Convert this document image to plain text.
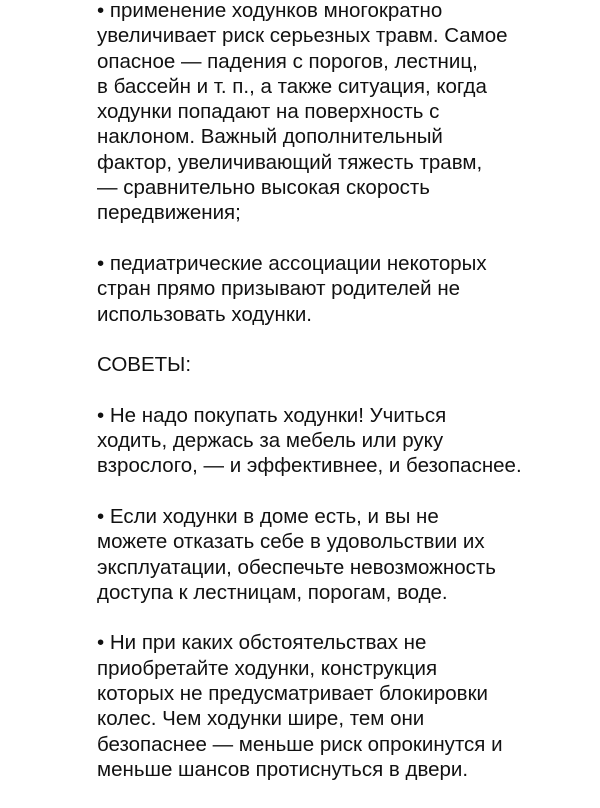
• применение ходунков многократно
увеличивает риск серьезных травм. Самое
опасное — падения с порогов, лестниц,
в бассейн и т. п., а также ситуация, когда
ходунки попадают на поверхность с
наклоном. Важный дополнительный
фактор, увеличивающий тяжесть травм,
— сравнительно высокая скорость
передвижения;

• педиатрические ассоциации некоторых
стран прямо призывают родителей не
использовать ходунки.

СОВЕТЫ:

• Не надо покупать ходунки! Учиться
ходить, держась за мебель или руку
взрослого, — и эффективнее, и безопаснее.

• Если ходунки в доме есть, и вы не
можете отказать себе в удовольствии их
эксплуатации, обеспечьте невозможность
доступа к лестницам, порогам, воде.

• Ни при каких обстоятельствах не
приобретайте ходунки, конструкция
которых не предусматривает блокировки
колес. Чем ходунки шире, тем они
безопаснее — меньше риск опрокинутся и
меньше шансов протиснуться в двери.
